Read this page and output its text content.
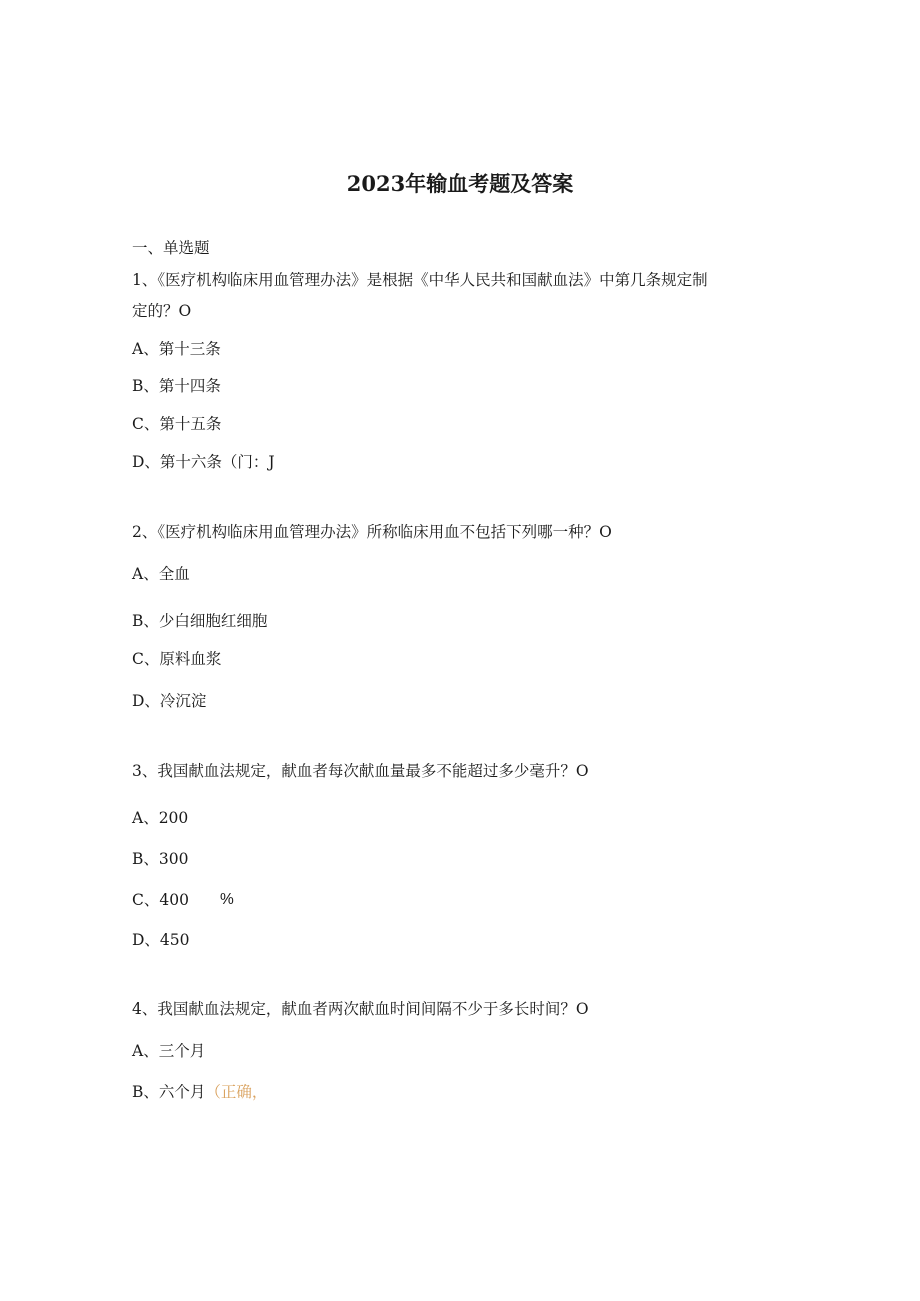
2023年输血考题及答案
一、单选题
1、《医疗机构临床用血管理办法》是根据《中华人民共和国献血法》中第几条规定制
定的？O
A、第十三条
B、第十四条
C、第十五条
D、第十六条（门：J
2、《医疗机构临床用血管理办法》所称临床用血不包括下列哪一种？O
A、全血
B、少白细胞红细胞
C、原料血浆
D、冷沉淀
3、我国献血法规定，献血者每次献血量最多不能超过多少毫升？O
A、200
B、300
C、400 %
D、450
4、我国献血法规定，献血者两次献血时间间隔不少于多长时间？O
A、三个月
B、六个月（正确，
